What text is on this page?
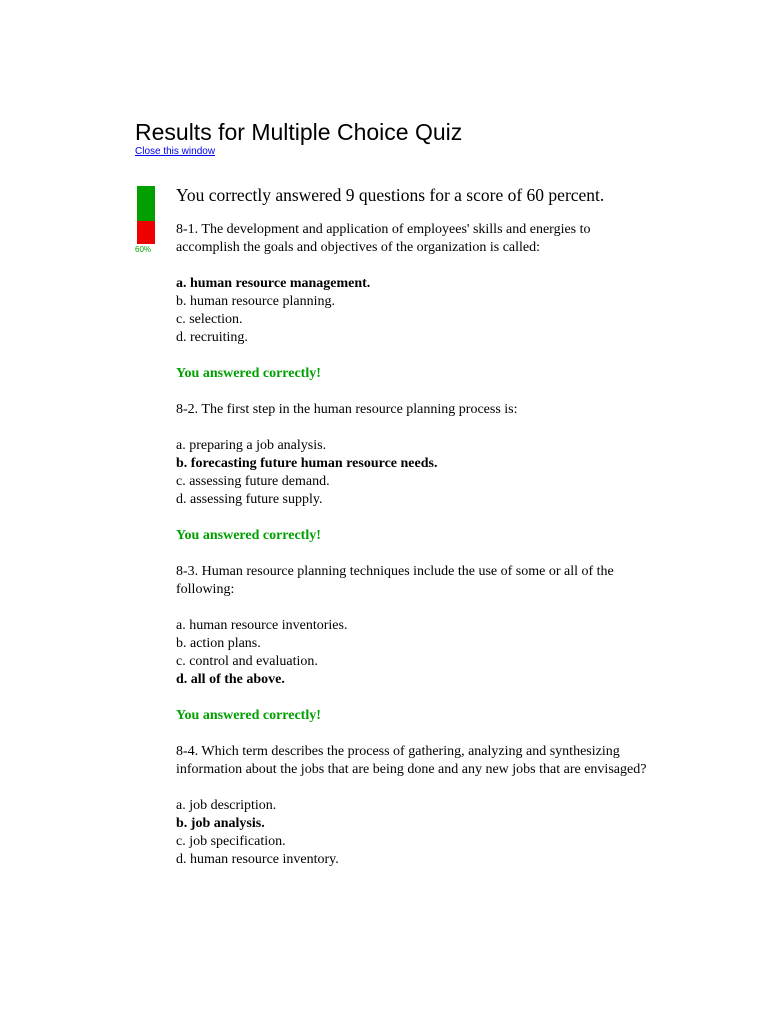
Results for Multiple Choice Quiz
Close this window
60%

You correctly answered 9 questions for a score of 60 percent.

8-1. The development and application of employees' skills and energies to accomplish the goals and objectives of the organization is called:

a. human resource management.
b. human resource planning.
c. selection.
d. recruiting.

You answered correctly!

8-2. The first step in the human resource planning process is:

a. preparing a job analysis.
b. forecasting future human resource needs.
c. assessing future demand.
d. assessing future supply.

You answered correctly!

8-3. Human resource planning techniques include the use of some or all of the following:

a. human resource inventories.
b. action plans.
c. control and evaluation.
d. all of the above.

You answered correctly!

8-4. Which term describes the process of gathering, analyzing and synthesizing information about the jobs that are being done and any new jobs that are envisaged?

a. job description.
b. job analysis.
c. job specification.
d. human resource inventory.
